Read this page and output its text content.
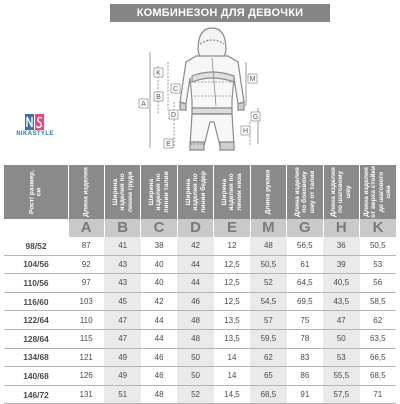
КОМБИНЕЗОН ДЛЯ ДЕВОЧКИ
K
C
B
A
D
E
M
G
H
NIKASTYLE
Рост/ размер, см	Длина изделия	Ширина изделия по линии груди	Ширина изделия по линии талии	Ширина изделия по линии бедер	Ширина изделия по линии низа	Длина рукава	Длина изделия по боковому шву от талии	Длина изделия по шаговому шву	Длина изделия от верха стойки до шагового шва

	A	B	C	D	E	M	G	H	K
98/52	87	41	38	42	12	48	56,5	36	50,5
104/56	92	43	40	44	12,5	50,5	61	39	53
110/56	97	43	40	44	12,5	52	64,5	40,5	56
116/60	103	45	42	46	12,5	54,5	69,5	43,5	58,5
122/64	110	47	44	48	13,5	57	75	47	62
128/64	115	47	44	48	13,5	59,5	78	50	63,5
134/68	121	49	46	50	14	62	83	53	66,5
140/68	126	49	46	50	14	65	86	55,5	68,5
146/72	131	51	48	52	14,5	68,5	91	57,5	71
